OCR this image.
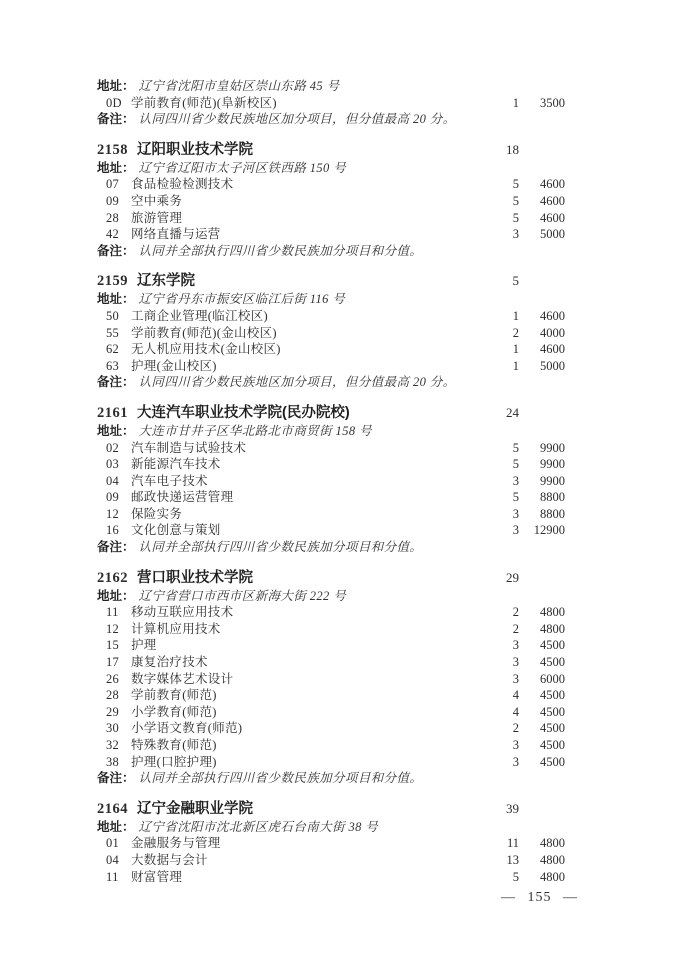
地址： 辽宁省沈阳市皇姑区崇山东路 45 号
0D 学前教育(师范)(阜新校区)	1	3500
备注： 认同四川省少数民族地区加分项目，但分值最高 20 分。
2158 辽阳职业技术学院	18
地址： 辽宁省辽阳市太子河区铁西路 150 号
07 食品检验检测技术	5	4600
09 空中乘务	5	4600
28 旅游管理	5	4600
42 网络直播与运营	3	5000
备注： 认同并全部执行四川省少数民族加分项目和分值。
2159 辽东学院	5
地址： 辽宁省丹东市振安区临江后街 116 号
50 工商企业管理(临江校区)	1	4600
55 学前教育(师范)(金山校区)	2	4000
62 无人机应用技术(金山校区)	1	4600
63 护理(金山校区)	1	5000
备注： 认同四川省少数民族地区加分项目，但分值最高 20 分。
2161 大连汽车职业技术学院(民办院校)	24
地址： 大连市甘井子区华北路北市商贸街 158 号
02 汽车制造与试验技术	5	9900
03 新能源汽车技术	5	9900
04 汽车电子技术	3	9900
09 邮政快递运营管理	5	8800
12 保险实务	3	8800
16 文化创意与策划	3	12900
备注： 认同并全部执行四川省少数民族加分项目和分值。
2162 营口职业技术学院	29
地址： 辽宁省营口市西市区新海大街 222 号
11 移动互联应用技术	2	4800
12 计算机应用技术	2	4800
15 护理	3	4500
17 康复治疗技术	3	4500
26 数字媒体艺术设计	3	6000
28 学前教育(师范)	4	4500
29 小学教育(师范)	4	4500
30 小学语文教育(师范)	2	4500
32 特殊教育(师范)	3	4500
38 护理(口腔护理)	3	4500
备注： 认同并全部执行四川省少数民族加分项目和分值。
2164 辽宁金融职业学院	39
地址： 辽宁省沈阳市沈北新区虎石台南大街 38 号
01 金融服务与管理	11	4800
04 大数据与会计	13	4800
11 财富管理	5	4800
— 155 —
